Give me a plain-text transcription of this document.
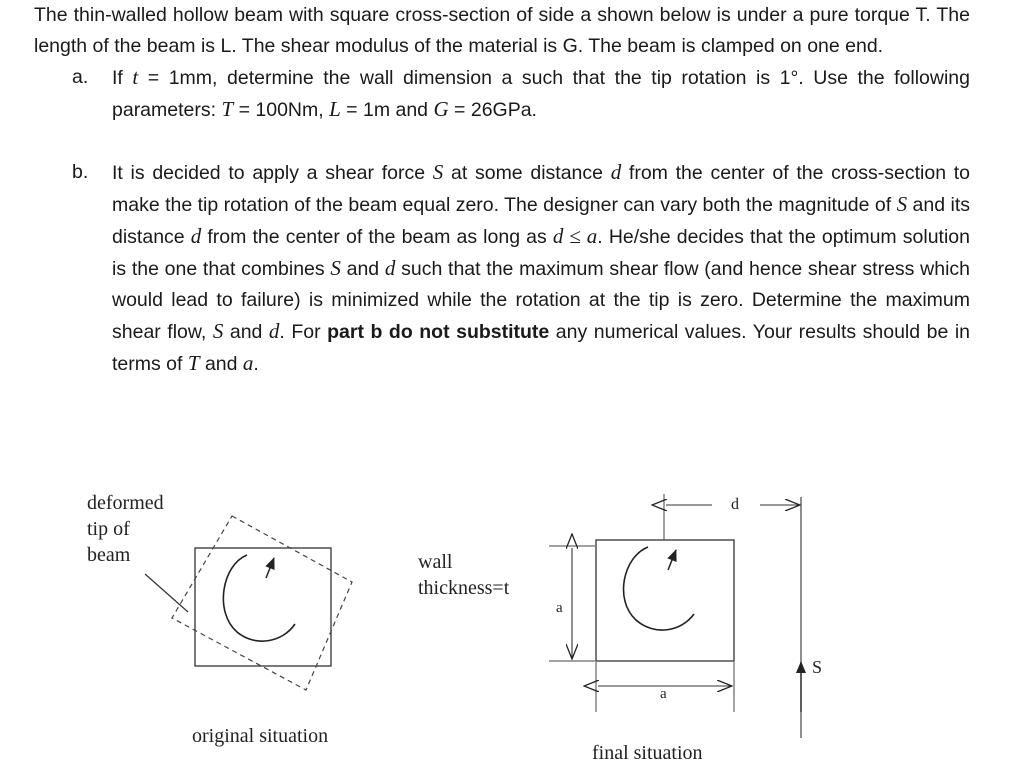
The thin-walled hollow beam with square cross-section of side a shown below is under a pure torque T. The length of the beam is L. The shear modulus of the material is G. The beam is clamped on one end.

a. If t = 1mm, determine the wall dimension a such that the tip rotation is 1°. Use the following parameters: T = 100Nm, L = 1m and G = 26GPa.
b. It is decided to apply a shear force S at some distance d from the center of the cross-section to make the tip rotation of the beam equal zero. The designer can vary both the magnitude of S and its distance d from the center of the beam as long as d ≤ a. He/she decides that the optimum solution is the one that combines S and d such that the maximum shear flow (and hence shear stress which would lead to failure) is minimized while the rotation at the tip is zero. Determine the maximum shear flow, S and d. For part b do not substitute any numerical values. Your results should be in terms of T and a.
deformed
tip of
beam
original situation
wall
thickness=t
a
a
d
S
final situation
